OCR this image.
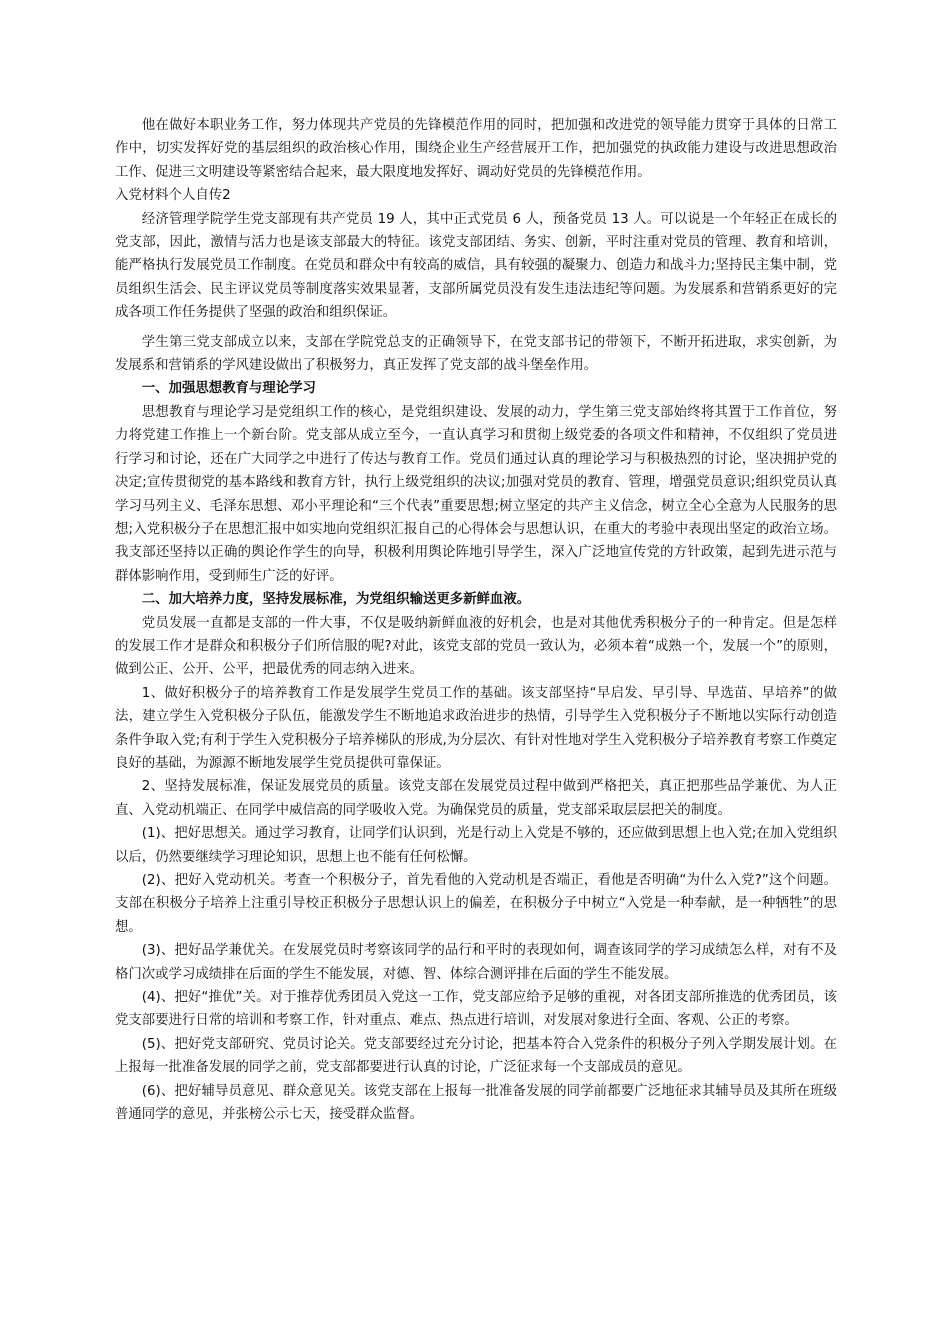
他在做好本职业务工作，努力体现共产党员的先锋模范作用的同时，把加强和改进党的领导能力贯穿于具体的日常工作中，切实发挥好党的基层组织的政治核心作用，围绕企业生产经营展开工作，把加强党的执政能力建设与改进思想政治工作、促进三文明建设等紧密结合起来，最大限度地发挥好、调动好党员的先锋模范作用。

入党材料个人自传2

经济管理学院学生党支部现有共产党员 19 人，其中正式党员 6 人，预备党员 13 人。可以说是一个年轻正在成长的党支部，因此，激情与活力也是该支部最大的特征。该党支部团结、务实、创新，平时注重对党员的管理、教育和培训，能严格执行发展党员工作制度。在党员和群众中有较高的威信，具有较强的凝聚力、创造力和战斗力;坚持民主集中制，党员组织生活会、民主评议党员等制度落实效果显著，支部所属党员没有发生违法违纪等问题。为发展系和营销系更好的完成各项工作任务提供了坚强的政治和组织保证。

学生第三党支部成立以来，支部在学院党总支的正确领导下，在党支部书记的带领下，不断开拓进取，求实创新，为发展系和营销系的学风建设做出了积极努力，真正发挥了党支部的战斗堡垒作用。

一、加强思想教育与理论学习

思想教育与理论学习是党组织工作的核心，是党组织建设、发展的动力，学生第三党支部始终将其置于工作首位，努力将党建工作推上一个新台阶。党支部从成立至今，一直认真学习和贯彻上级党委的各项文件和精神，不仅组织了党员进行学习和讨论，还在广大同学之中进行了传达与教育工作。党员们通过认真的理论学习与积极热烈的讨论，坚决拥护党的决定;宣传贯彻党的基本路线和教育方针，执行上级党组织的决议;加强对党员的教育、管理，增强党员意识;组织党员认真学习马列主义、毛泽东思想、邓小平理论和“三个代表”重要思想;树立坚定的共产主义信念，树立全心全意为人民服务的思想;入党积极分子在思想汇报中如实地向党组织汇报自己的心得体会与思想认识，在重大的考验中表现出坚定的政治立场。我支部还坚持以正确的舆论作学生的向导，积极利用舆论阵地引导学生，深入广泛地宣传党的方针政策，起到先进示范与群体影响作用，受到师生广泛的好评。

二、加大培养力度，坚持发展标准，为党组织输送更多新鲜血液。

党员发展一直都是支部的一件大事，不仅是吸纳新鲜血液的好机会，也是对其他优秀积极分子的一种肯定。但是怎样的发展工作才是群众和积极分子们所信服的呢?对此，该党支部的党员一致认为，必须本着“成熟一个，发展一个”的原则，做到公正、公开、公平，把最优秀的同志纳入进来。

1、做好积极分子的培养教育工作是发展学生党员工作的基础。该支部坚持“早启发、早引导、早选苗、早培养”的做法，建立学生入党积极分子队伍，能激发学生不断地追求政治进步的热情，引导学生入党积极分子不断地以实际行动创造条件争取入党;有利于学生入党积极分子培养梯队的形成,为分层次、有针对性地对学生入党积极分子培养教育考察工作奠定良好的基础，为源源不断地发展学生党员提供可靠保证。

2、坚持发展标准，保证发展党员的质量。该党支部在发展党员过程中做到严格把关，真正把那些品学兼优、为人正直、入党动机端正、在同学中威信高的同学吸收入党。为确保党员的质量，党支部采取层层把关的制度。

(1)、把好思想关。通过学习教育，让同学们认识到，光是行动上入党是不够的，还应做到思想上也入党;在加入党组织以后，仍然要继续学习理论知识，思想上也不能有任何松懈。

(2)、把好入党动机关。考查一个积极分子，首先看他的入党动机是否端正，看他是否明确“为什么入党?”这个问题。支部在积极分子培养上注重引导校正积极分子思想认识上的偏差，在积极分子中树立“入党是一种奉献，是一种牺牲”的思想。

(3)、把好品学兼优关。在发展党员时考察该同学的品行和平时的表现如何，调查该同学的学习成绩怎么样，对有不及格门次或学习成绩排在后面的学生不能发展，对德、智、体综合测评排在后面的学生不能发展。

(4)、把好“推优”关。对于推荐优秀团员入党这一工作，党支部应给予足够的重视，对各团支部所推选的优秀团员，该党支部要进行日常的培训和考察工作，针对重点、难点、热点进行培训，对发展对象进行全面、客观、公正的考察。

(5)、把好党支部研究、党员讨论关。党支部要经过充分讨论，把基本符合入党条件的积极分子列入学期发展计划。在上报每一批准备发展的同学之前，党支部都要进行认真的讨论，广泛征求每一个支部成员的意见。

(6)、把好辅导员意见、群众意见关。该党支部在上报每一批准备发展的同学前都要广泛地征求其辅导员及其所在班级普通同学的意见，并张榜公示七天，接受群众监督。
